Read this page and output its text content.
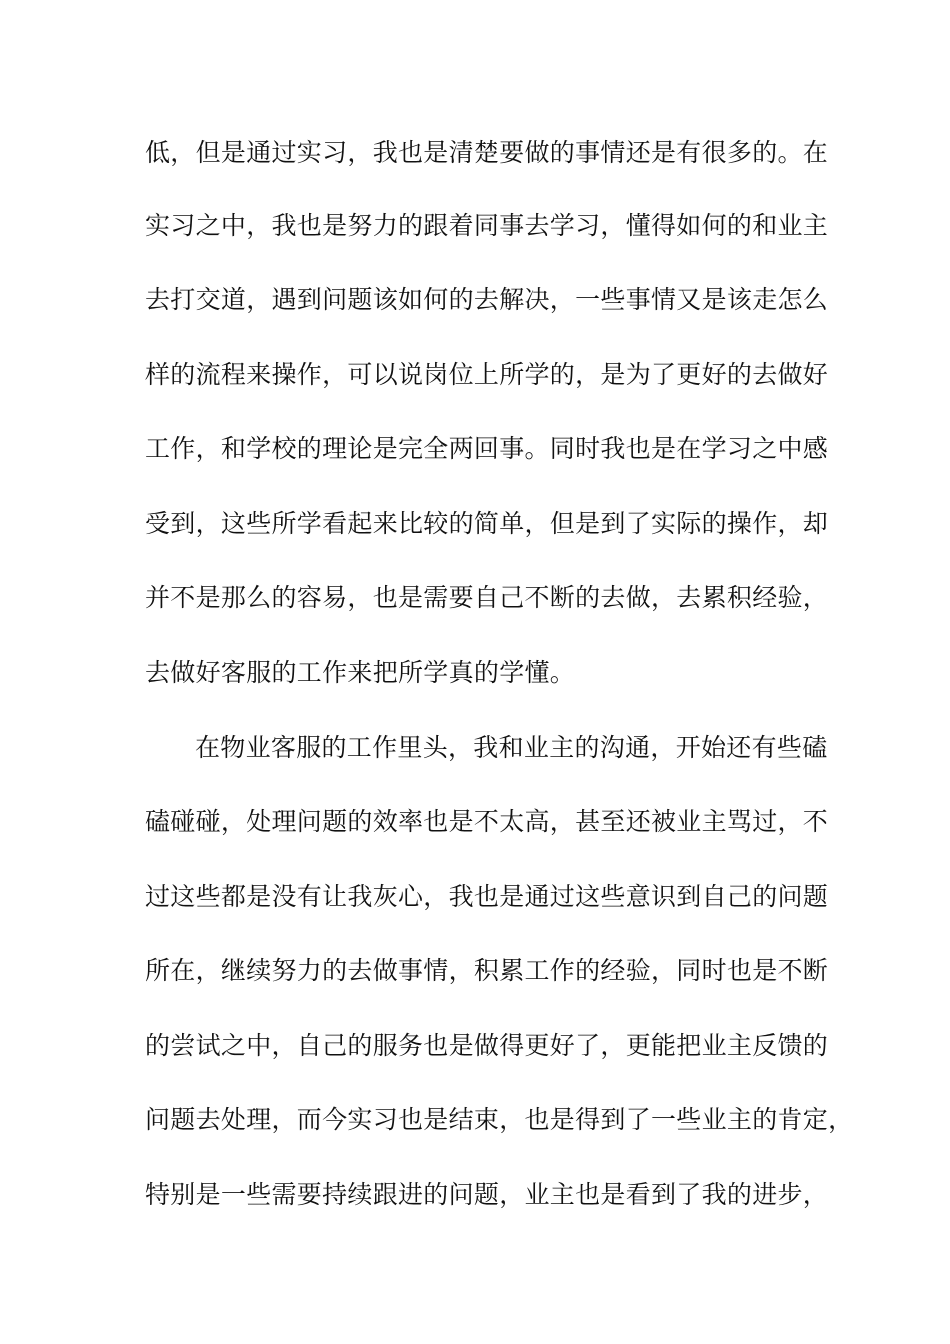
低，但是通过实习，我也是清楚要做的事情还是有很多的。在
实习之中，我也是努力的跟着同事去学习，懂得如何的和业主
去打交道，遇到问题该如何的去解决，一些事情又是该走怎么
样的流程来操作，可以说岗位上所学的，是为了更好的去做好
工作，和学校的理论是完全两回事。同时我也是在学习之中感
受到，这些所学看起来比较的简单，但是到了实际的操作，却
并不是那么的容易，也是需要自己不断的去做，去累积经验，
去做好客服的工作来把所学真的学懂。
在物业客服的工作里头，我和业主的沟通，开始还有些磕
磕碰碰，处理问题的效率也是不太高，甚至还被业主骂过，不
过这些都是没有让我灰心，我也是通过这些意识到自己的问题
所在，继续努力的去做事情，积累工作的经验，同时也是不断
的尝试之中，自己的服务也是做得更好了，更能把业主反馈的
问题去处理，而今实习也是结束，也是得到了一些业主的肯定，
特别是一些需要持续跟进的问题，业主也是看到了我的进步，
